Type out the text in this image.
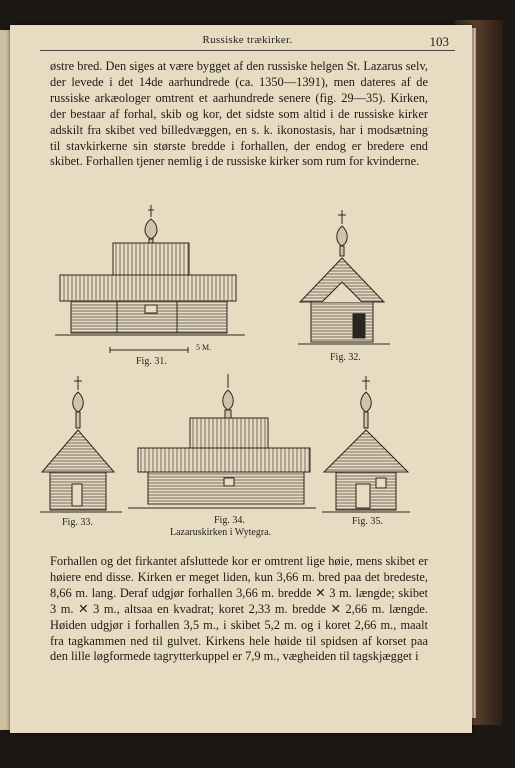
Russiske trækirker.	103

østre bred. Den siges at være bygget af den russiske helgen St. Lazarus selv, der levede i det 14de aarhundrede (ca. 1350—1391), men dateres af de russiske arkæologer omtrent et aarhundrede senere (fig. 29—35). Kirken, der bestaar af forhal, skib og kor, det sidste som altid i de russiske kirker adskilt fra skibet ved billedvæggen, en s. k. ikonostasis, har i modsætning til stavkirkerne sin største bredde i forhallen, der endog er bredere end skibet. Forhallen tjener nemlig i de russiske kirker som rum for kvinderne.

5 M.
Fig. 31.	Fig. 32.
Fig. 33.	Fig. 34.
Lazaruskirken i Wytegra.
Fig. 35.

Forhallen og det firkantet afsluttede kor er omtrent lige høie, mens skibet er høiere end disse. Kirken er meget liden, kun 3,66 m. bred paa det bredeste, 8,66 m. lang. Deraf udgjør forhallen 3,66 m. bredde ✕ 3 m. længde; skibet 3 m. ✕ 3 m., altsaa en kvadrat; koret 2,33 m. bredde ✕ 2,66 m. længde. Høiden udgjør i forhallen 3,5 m., i skibet 5,2 m. og i koret 2,66 m., maalt fra tagkammen ned til gulvet. Kirkens hele høide til spidsen af korset paa den lille løgformede tagrytterkuppel er 7,9 m., vægheiden til tagskjægget i
